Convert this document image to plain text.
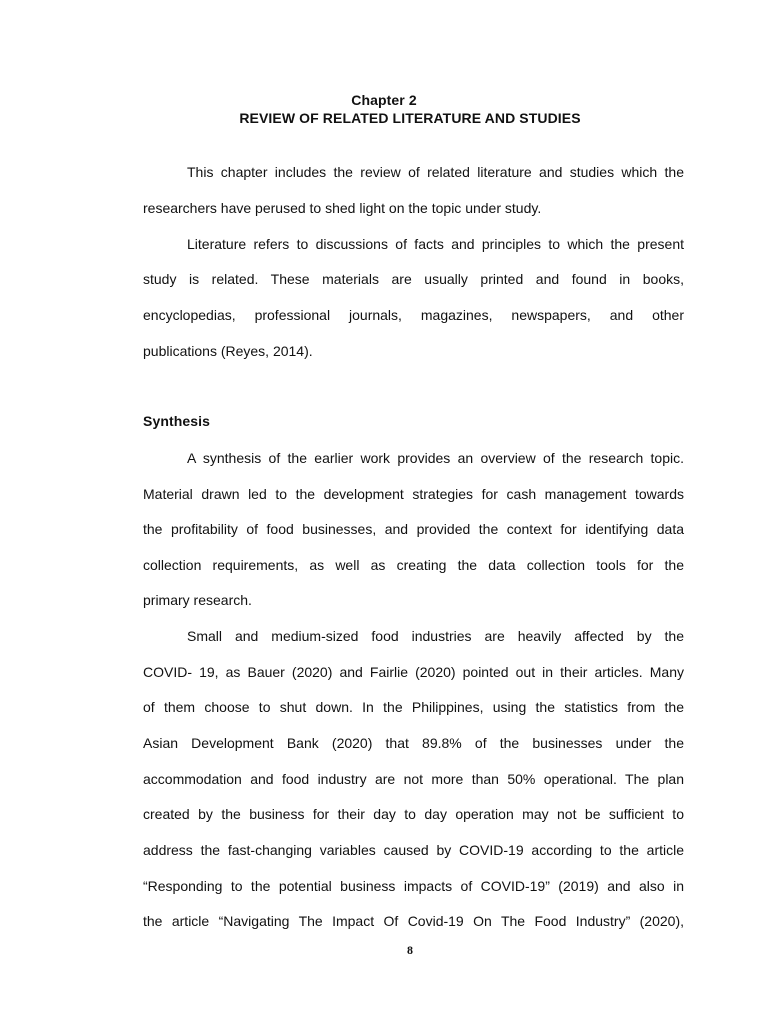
Chapter 2
REVIEW OF RELATED LITERATURE AND STUDIES
This chapter includes the review of related literature and studies which the
researchers have perused to shed light on the topic under study.
Literature refers to discussions of facts and principles to which the present
study is related. These materials are usually printed and found in books,
encyclopedias, professional journals, magazines, newspapers, and other
publications (Reyes, 2014).
Synthesis
A synthesis of the earlier work provides an overview of the research topic.
Material drawn led to the development strategies for cash management towards
the profitability of food businesses, and provided the context for identifying data
collection requirements, as well as creating the data collection tools for the
primary research.
Small and medium-sized food industries are heavily affected by the
COVID- 19, as Bauer (2020) and Fairlie (2020) pointed out in their articles. Many
of them choose to shut down. In the Philippines, using the statistics from the
Asian Development Bank (2020) that 89.8% of the businesses under the
accommodation and food industry are not more than 50% operational. The plan
created by the business for their day to day operation may not be sufficient to
address the fast-changing variables caused by COVID-19 according to the article
“Responding to the potential business impacts of COVID-19” (2019) and also in
the article “Navigating The Impact Of Covid-19 On The Food Industry” (2020),
8
